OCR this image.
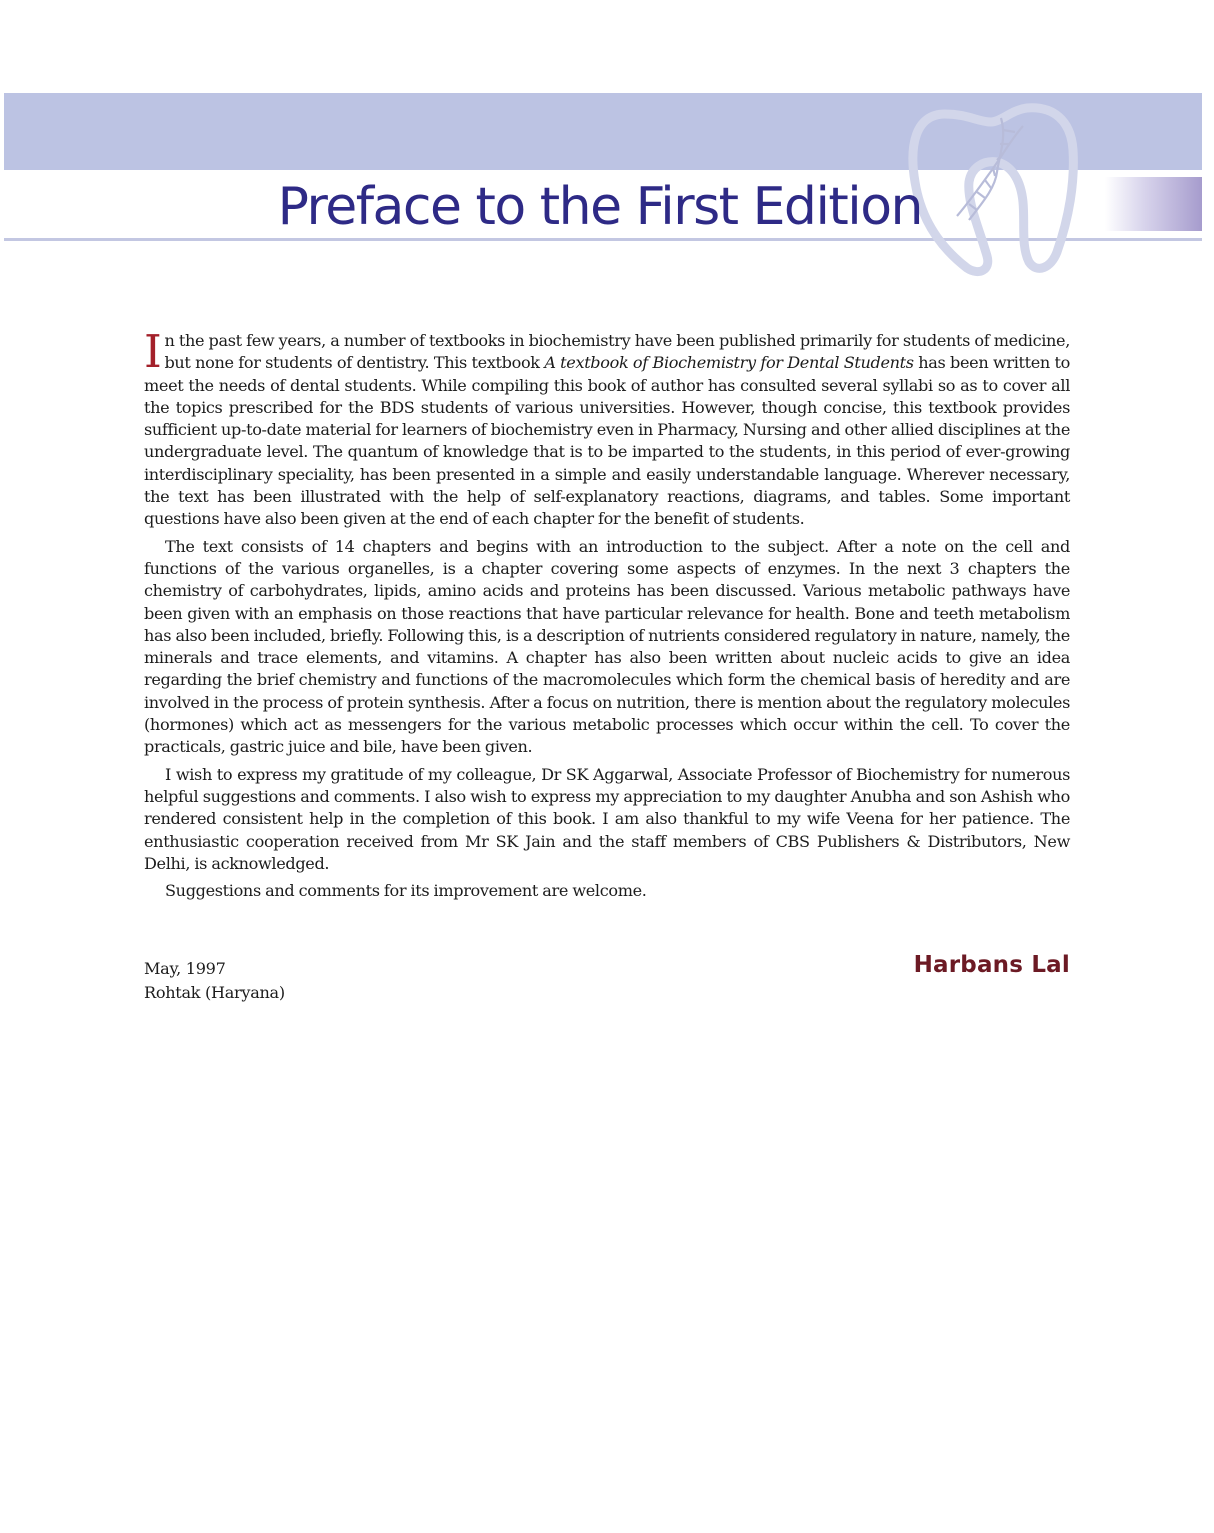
Preface to the First Edition

In the past few years, a number of textbooks in biochemistry have been published primarily for students of medicine, but none for students of dentistry. This textbook A textbook of Biochemistry for Dental Students has been written to meet the needs of dental students. While compiling this book of author has consulted several syllabi so as to cover all the topics prescribed for the BDS students of various universities. However, though concise, this textbook provides sufficient up-to-date material for learners of biochemistry even in Pharmacy, Nursing and other allied disciplines at the undergraduate level. The quantum of knowledge that is to be imparted to the students, in this period of ever-growing interdisciplinary speciality, has been presented in a simple and easily understandable language. Wherever necessary, the text has been illustrated with the help of self-explanatory reactions, diagrams, and tables. Some important questions have also been given at the end of each chapter for the benefit of students.

The text consists of 14 chapters and begins with an introduction to the subject. After a note on the cell and functions of the various organelles, is a chapter covering some aspects of enzymes. In the next 3 chapters the chemistry of carbohydrates, lipids, amino acids and proteins has been discussed. Various metabolic pathways have been given with an emphasis on those reactions that have particular relevance for health. Bone and teeth metabolism has also been included, briefly. Following this, is a description of nutrients considered regulatory in nature, namely, the minerals and trace elements, and vitamins. A chapter has also been written about nucleic acids to give an idea regarding the brief chemistry and functions of the macromolecules which form the chemical basis of heredity and are involved in the process of protein synthesis. After a focus on nutrition, there is mention about the regulatory molecules (hormones) which act as messengers for the various metabolic processes which occur within the cell. To cover the practicals, gastric juice and bile, have been given.

I wish to express my gratitude of my colleague, Dr SK Aggarwal, Associate Professor of Biochemistry for numerous helpful suggestions and comments. I also wish to express my appreciation to my daughter Anubha and son Ashish who rendered consistent help in the completion of this book. I am also thankful to my wife Veena for her patience. The enthusiastic cooperation received from Mr SK Jain and the staff members of CBS Publishers & Distributors, New Delhi, is acknowledged.

Suggestions and comments for its improvement are welcome.

May, 1997
Rohtak (Haryana)
Harbans Lal
